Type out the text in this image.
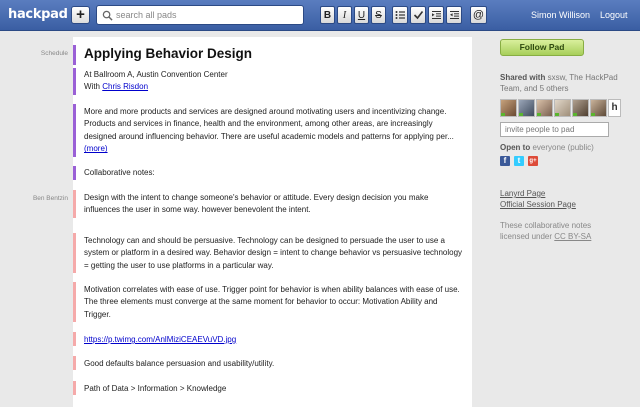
hackpad +
search all pads	B	I	U	S	@	Simon Willison Logout
Schedule
Ben Bentzin
Applying Behavior Design
At Ballroom A, Austin Convention Center
With Chris Risdon
More and more products and services are designed around motivating users and incentivizing change. Products and services in finance, health and the environment, among other areas, are increasingly designed around influencing behavior. There are useful academic models and patterns for applying per... (more)
Collaborative notes:
Design with the intent to change someone's behavior or attitude. Every design decision you make influences the user in some way. however benevolent the intent.
Technology can and should be persuasive. Technology can be designed to persuade the user to use a system or platform in a desired way. Behavior design = intent to change behavior vs persuasive technology = getting the user to use platforms in a particular way.
Motivation correlates with ease of use. Trigger point for behavior is when ability balances with ease of use. The three elements must converge at the same moment for behavior to occur: Motivation Ability and Trigger.
https://p.twimg.com/AnlMiziCEAEVuVD.jpg
Good defaults balance persuasion and usability/utility.
Path of Data > Information > Knowledge
Follow Pad
Shared with sxsw, The HackPad Team, and 5 others
h
invite people to pad
Open to everyone (public)
f	t	g+
Lanyrd Page
Official Session Page
These collaborative notes licensed under CC BY-SA
